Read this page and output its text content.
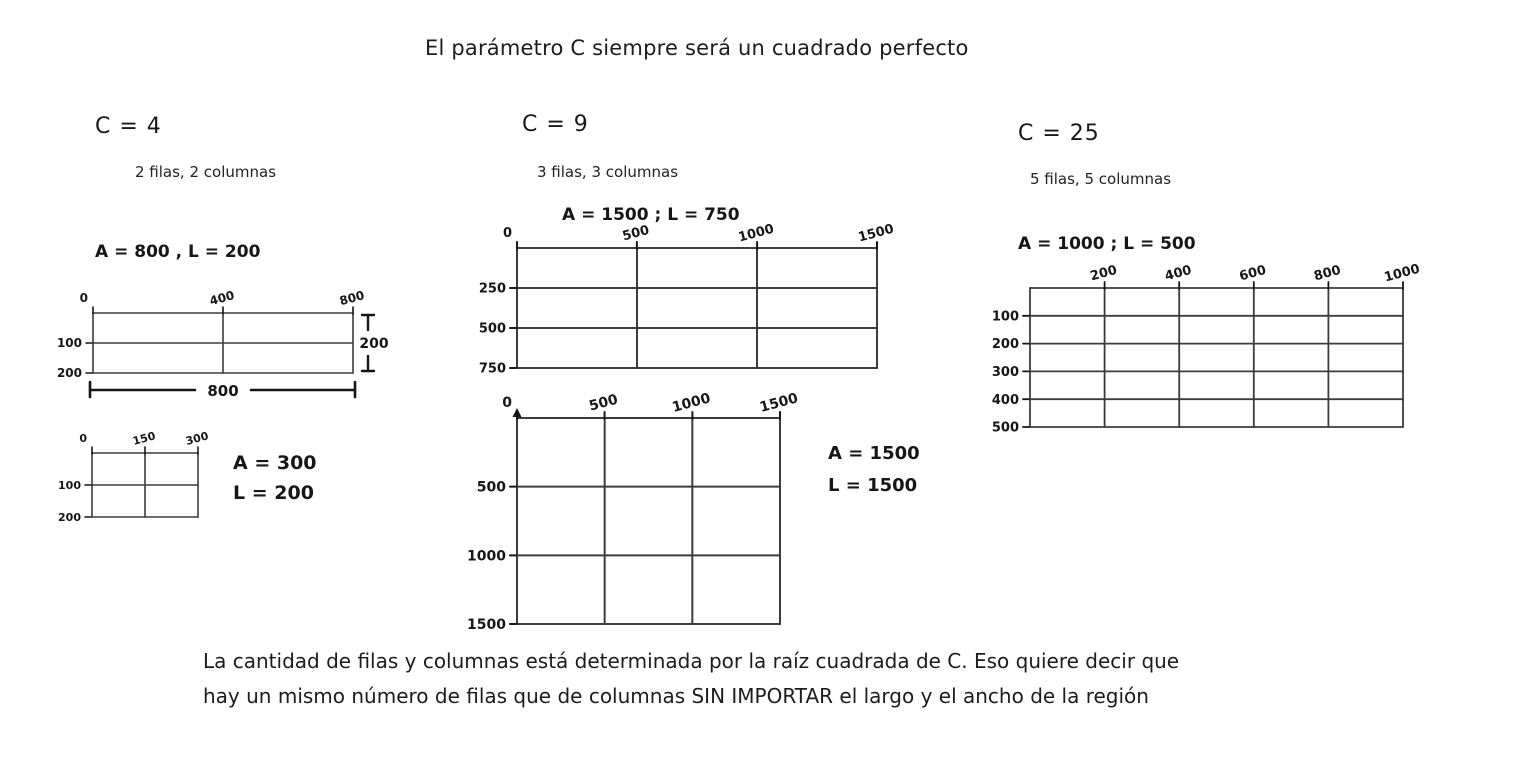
El parámetro C siempre será un cuadrado perfecto
C = 4
2 filas, 2 columnas
C = 9
3 filas, 3 columnas
C = 25
5 filas, 5 columnas
0	400	800
100
200
200
800
A = 800 , L = 200
0	150 300
100
200
A = 300
L = 200
0	500	1000	1500
250
500
750
A = 1500 ; L = 750
0	500	1000	1500
500
1000
1500
A = 1500
L = 1500
200	400	600	800	1000
100
200
300
400
500
A = 1000 ; L = 500
La cantidad de filas y columnas está determinada por la raíz cuadrada de C. Eso quiere decir que
hay un mismo número de filas que de columnas SIN IMPORTAR el largo y el ancho de la región
